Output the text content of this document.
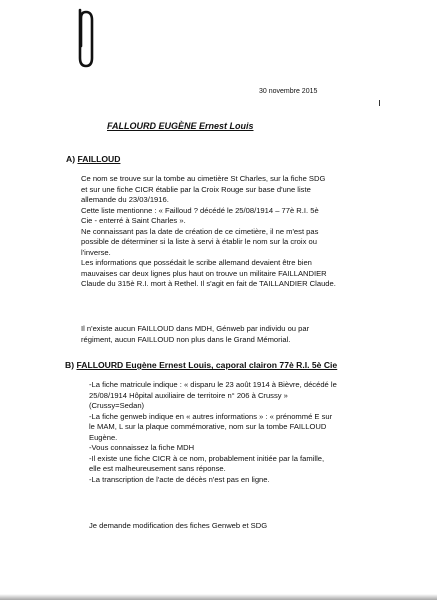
30 novembre 2015
FALLOURD EUGÈNE Ernest Louis
A) FAILLOUD
Ce nom se trouve sur la tombe au cimetière St Charles, sur la fiche SDG
et sur une fiche CICR établie par la Croix Rouge sur base d'une liste
allemande du 23/03/1916.
Cette liste mentionne : « Failloud ? décédé le 25/08/1914 – 77è R.I. 5è
Cie - enterré à Saint Charles ».
Ne connaissant pas la date de création de ce cimetière, il ne m'est pas
possible de déterminer si la liste à servi à établir le nom sur la croix ou
l'inverse.
Les informations que possédait le scribe allemand devaient être bien
mauvaises car deux lignes plus haut on trouve un militaire FAILLANDIER
Claude du 315è R.I. mort à Rethel. Il s'agit en fait de TAILLANDIER Claude.
Il n'existe aucun FAILLOUD dans MDH, Génweb par individu ou par
régiment, aucun FAILLOUD non plus dans le Grand Mémorial.
B) FALLOURD Eugène Ernest Louis, caporal clairon 77è R.I. 5è Cie
-La fiche matricule indique : « disparu le 23 août 1914 à Bièvre, décédé le
25/08/1914 Hôpital auxiliaire de territoire n° 206 à Crussy »
(Crussy=Sedan)
-La fiche genweb indique en « autres informations » : « prénommé E sur
le MAM, L sur la plaque commémorative, nom sur la tombe FAILLOUD
Eugène.
-Vous connaissez la fiche MDH
-Il existe une fiche CICR à ce nom, probablement initiée par la famille,
elle est malheureusement sans réponse.
-La transcription de l'acte de décès n'est pas en ligne.
Je demande modification des fiches Genweb et SDG
